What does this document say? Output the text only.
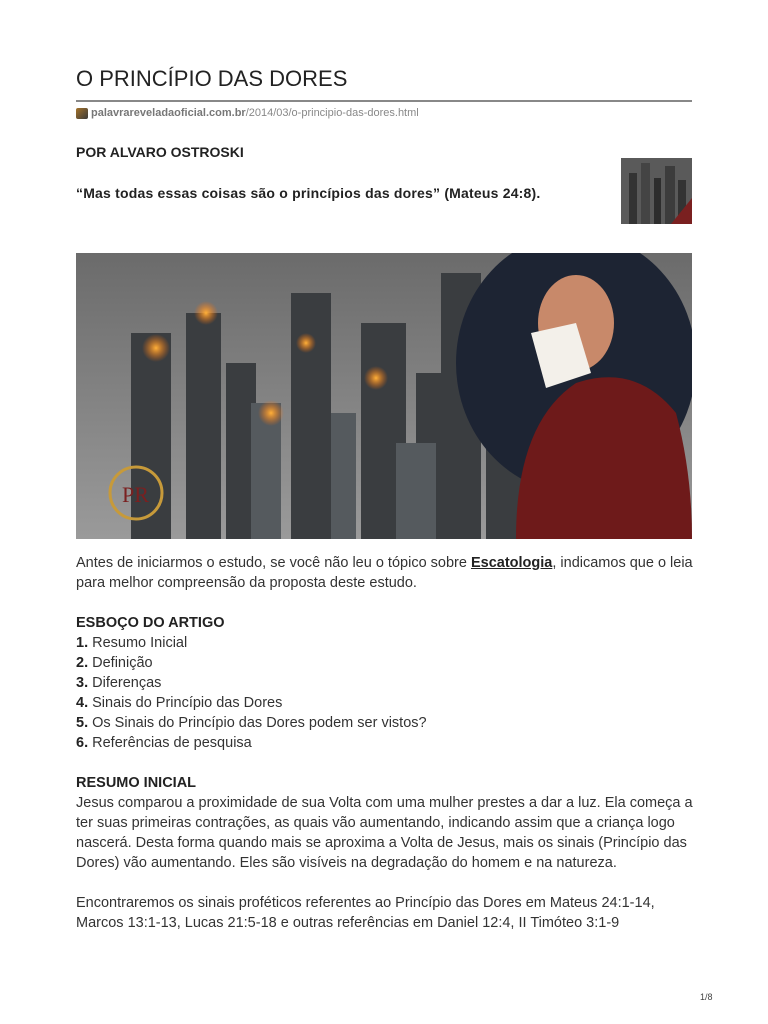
O PRINCÍPIO DAS DORES
palavrareveladaoficial.com.br/2014/03/o-principio-das-dores.html
POR ALVARO OSTROSKI
“Mas todas essas coisas são o princípios das dores” (Mateus 24:8).
PR
Antes de iniciarmos o estudo, se você não leu o tópico sobre Escatologia, indicamos que o leia para melhor compreensão da proposta deste estudo.
ESBOÇO DO ARTIGO
1. Resumo Inicial
2. Definição
3. Diferenças
4. Sinais do Princípio das Dores
5. Os Sinais do Princípio das Dores podem ser vistos?
6. Referências de pesquisa
RESUMO INICIAL
Jesus comparou a proximidade de sua Volta com uma mulher prestes a dar a luz. Ela começa a ter suas primeiras contrações, as quais vão aumentando, indicando assim que a criança logo nascerá. Desta forma quando mais se aproxima a Volta de Jesus, mais os sinais (Princípio das Dores) vão aumentando. Eles são visíveis na degradação do homem e na natureza.
Encontraremos os sinais proféticos referentes ao Princípio das Dores em Mateus 24:1-14, Marcos 13:1-13, Lucas 21:5-18 e outras referências em Daniel 12:4, II Timóteo 3:1-9
1/8
